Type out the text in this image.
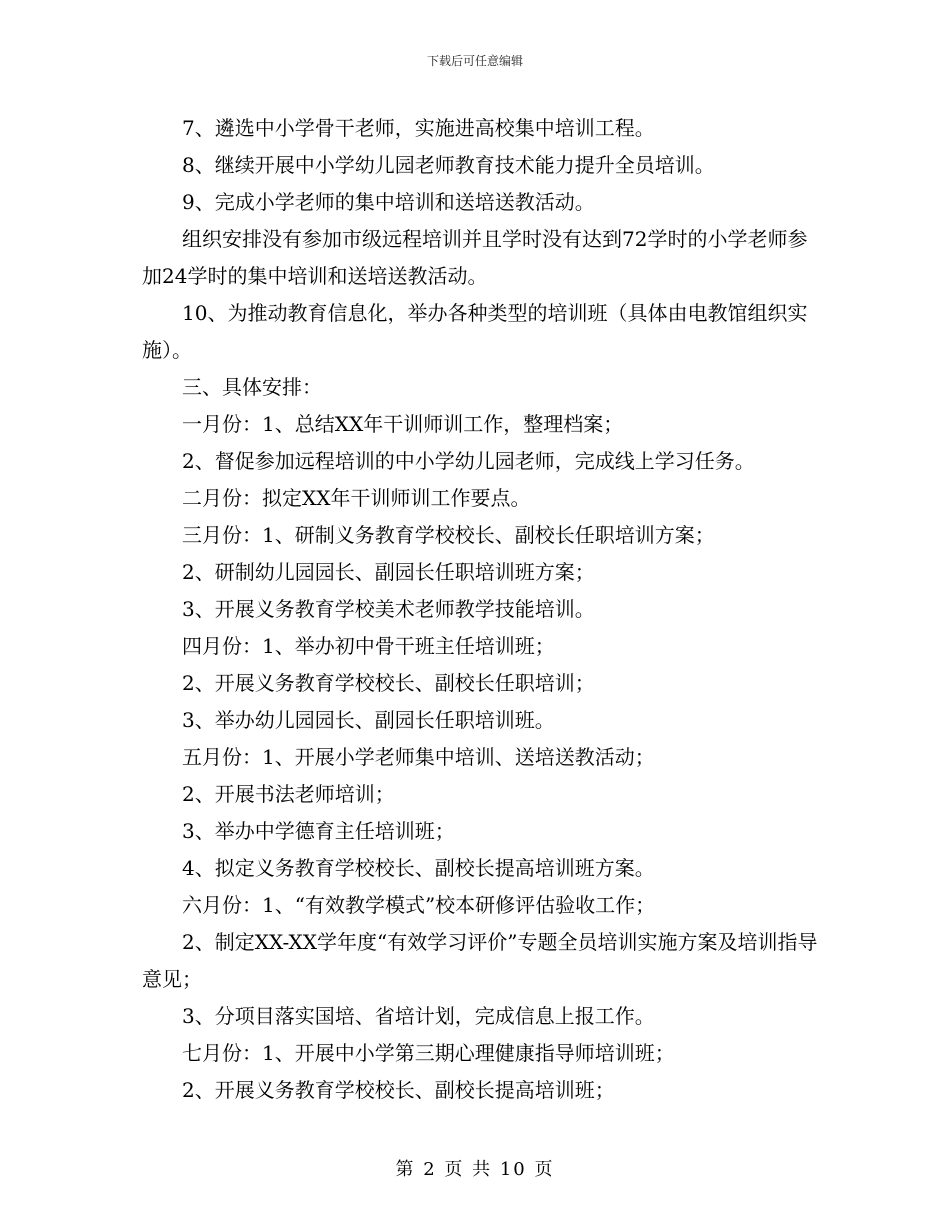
下载后可任意编辑

7、遴选中小学骨干老师，实施进高校集中培训工程。

8、继续开展中小学幼儿园老师教育技术能力提升全员培训。

9、完成小学老师的集中培训和送培送教活动。

组织安排没有参加市级远程培训并且学时没有达到72学时的小学老师参加24学时的集中培训和送培送教活动。

10、为推动教育信息化，举办各种类型的培训班（具体由电教馆组织实施）。

三、具体安排：

一月份：1、总结XX年干训师训工作，整理档案；

2、督促参加远程培训的中小学幼儿园老师，完成线上学习任务。

二月份：拟定XX年干训师训工作要点。

三月份：1、研制义务教育学校校长、副校长任职培训方案；

2、研制幼儿园园长、副园长任职培训班方案；

3、开展义务教育学校美术老师教学技能培训。

四月份：1、举办初中骨干班主任培训班；

2、开展义务教育学校校长、副校长任职培训；

3、举办幼儿园园长、副园长任职培训班。

五月份：1、开展小学老师集中培训、送培送教活动；

2、开展书法老师培训；

3、举办中学德育主任培训班；

4、拟定义务教育学校校长、副校长提高培训班方案。

六月份：1、“有效教学模式”校本研修评估验收工作；

2、制定XX-XX学年度“有效学习评价”专题全员培训实施方案及培训指导意见；

3、分项目落实国培、省培计划，完成信息上报工作。

七月份：1、开展中小学第三期心理健康指导师培训班；

2、开展义务教育学校校长、副校长提高培训班；

第 2 页 共 10 页
